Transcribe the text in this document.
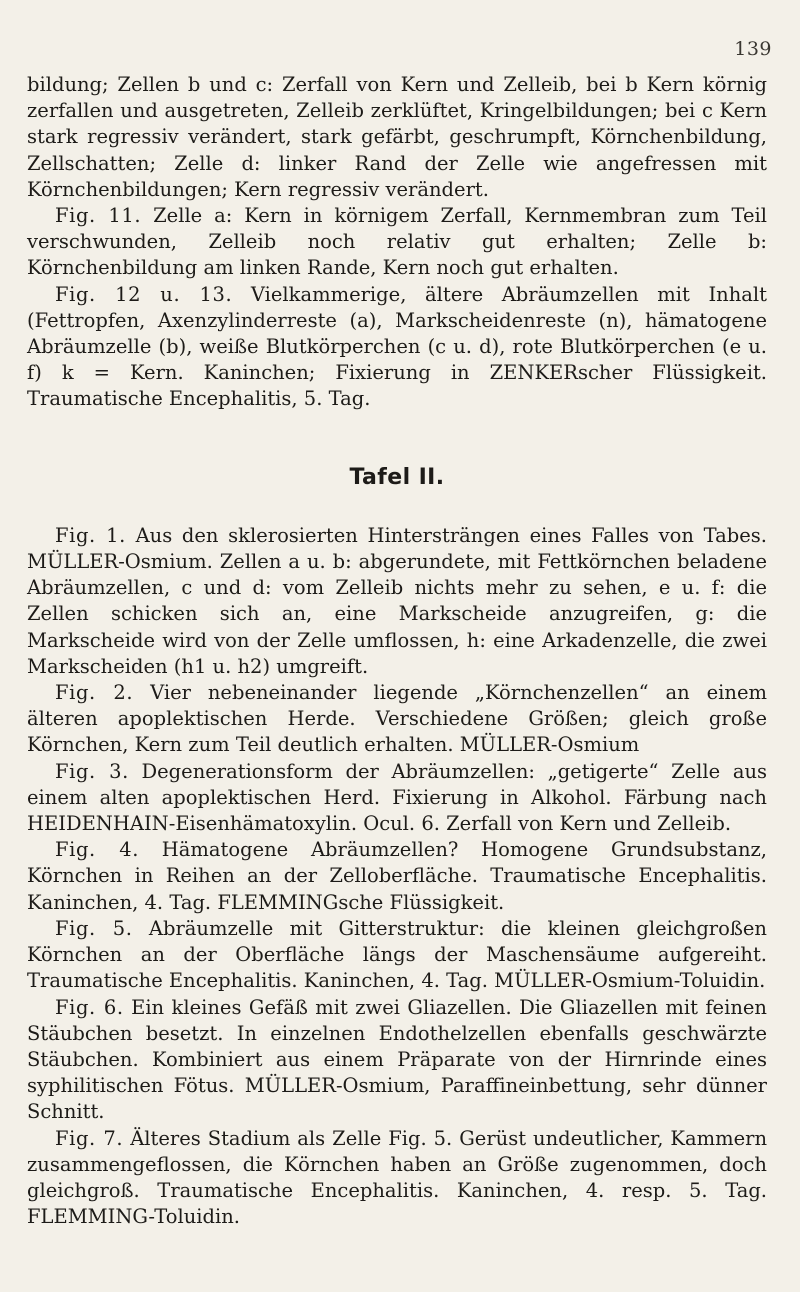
139

bildung; Zellen b und c: Zerfall von Kern und Zelleib, bei b Kern körnig zerfallen und ausgetreten, Zelleib zerklüftet, Kringelbildungen; bei c Kern stark regressiv verändert, stark gefärbt, geschrumpft, Körnchenbildung, Zellschatten; Zelle d: linker Rand der Zelle wie angefressen mit Körnchenbildungen; Kern regressiv verändert.

Fig. 11. Zelle a: Kern in körnigem Zerfall, Kernmembran zum Teil verschwunden, Zelleib noch relativ gut erhalten; Zelle b: Körnchenbildung am linken Rande, Kern noch gut erhalten.

Fig. 12 u. 13. Vielkammerige, ältere Abräumzellen mit Inhalt (Fettropfen, Axenzylinderreste (a), Markscheidenreste (n), hämatogene Abräumzelle (b), weiße Blutkörperchen (c u. d), rote Blutkörperchen (e u. f) k = Kern. Kaninchen; Fixierung in ZENKERscher Flüssigkeit. Traumatische Encephalitis, 5. Tag.

Tafel II.

Fig. 1. Aus den sklerosierten Hintersträngen eines Falles von Tabes. MÜLLER-Osmium. Zellen a u. b: abgerundete, mit Fettkörnchen beladene Abräumzellen, c und d: vom Zelleib nichts mehr zu sehen, e u. f: die Zellen schicken sich an, eine Markscheide anzugreifen, g: die Markscheide wird von der Zelle umflossen, h: eine Arkadenzelle, die zwei Markscheiden (h1 u. h2) umgreift.

Fig. 2. Vier nebeneinander liegende „Körnchenzellen“ an einem älteren apoplektischen Herde. Verschiedene Größen; gleich große Körnchen, Kern zum Teil deutlich erhalten. MÜLLER-Osmium

Fig. 3. Degenerationsform der Abräumzellen: „getigerte“ Zelle aus einem alten apoplektischen Herd. Fixierung in Alkohol. Färbung nach HEIDENHAIN-Eisenhämatoxylin. Ocul. 6. Zerfall von Kern und Zelleib.

Fig. 4. Hämatogene Abräumzellen? Homogene Grundsubstanz, Körnchen in Reihen an der Zelloberfläche. Traumatische Encephalitis. Kaninchen, 4. Tag. FLEMMINGsche Flüssigkeit.

Fig. 5. Abräumzelle mit Gitterstruktur: die kleinen gleichgroßen Körnchen an der Oberfläche längs der Maschensäume aufgereiht. Traumatische Encephalitis. Kaninchen, 4. Tag. MÜLLER-Osmium-Toluidin.

Fig. 6. Ein kleines Gefäß mit zwei Gliazellen. Die Gliazellen mit feinen Stäubchen besetzt. In einzelnen Endothelzellen ebenfalls geschwärzte Stäubchen. Kombiniert aus einem Präparate von der Hirnrinde eines syphilitischen Fötus. MÜLLER-Osmium, Paraffineinbettung, sehr dünner Schnitt.

Fig. 7. Älteres Stadium als Zelle Fig. 5. Gerüst undeutlicher, Kammern zusammengeflossen, die Körnchen haben an Größe zugenommen, doch gleichgroß. Traumatische Encephalitis. Kaninchen, 4. resp. 5. Tag. FLEMMING-Toluidin.
